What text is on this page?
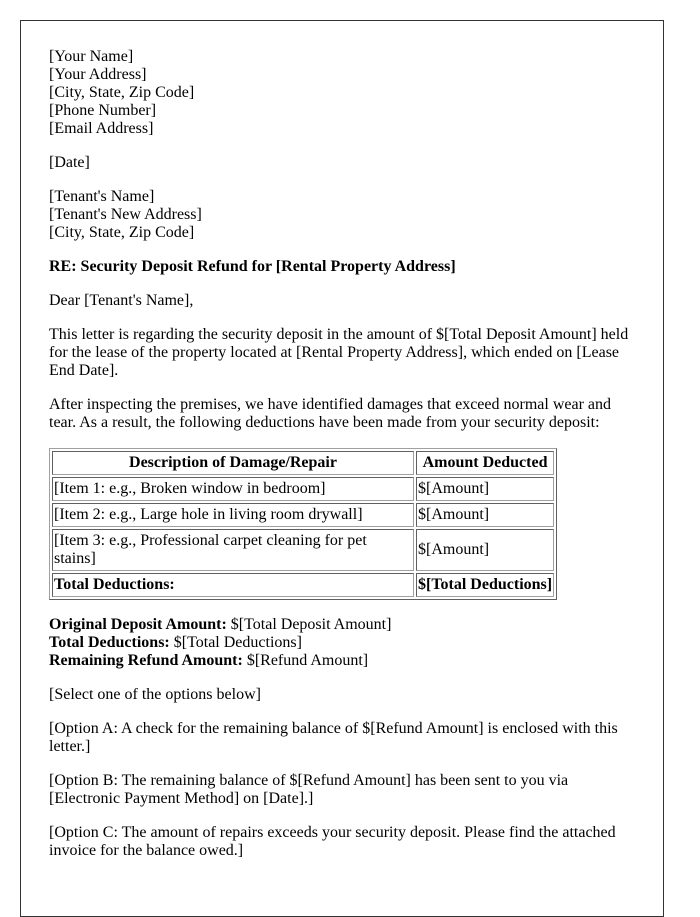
[Your Name]
[Your Address]
[City, State, Zip Code]
[Phone Number]
[Email Address]

[Date]

[Tenant's Name]
[Tenant's New Address]
[City, State, Zip Code]

RE: Security Deposit Refund for [Rental Property Address]

Dear [Tenant's Name],

This letter is regarding the security deposit in the amount of $[Total Deposit Amount] held for the lease of the property located at [Rental Property Address], which ended on [Lease End Date].

After inspecting the premises, we have identified damages that exceed normal wear and tear. As a result, the following deductions have been made from your security deposit:

Description of Damage/Repair	Amount Deducted
[Item 1: e.g., Broken window in bedroom]	$[Amount]
[Item 2: e.g., Large hole in living room drywall]	$[Amount]
[Item 3: e.g., Professional carpet cleaning for pet stains]	$[Amount]
Total Deductions:	$[Total Deductions]
Original Deposit Amount: $[Total Deposit Amount]
Total Deductions: $[Total Deductions]
Remaining Refund Amount: $[Refund Amount]

[Select one of the options below]

[Option A: A check for the remaining balance of $[Refund Amount] is enclosed with this letter.]

[Option B: The remaining balance of $[Refund Amount] has been sent to you via [Electronic Payment Method] on [Date].]

[Option C: The amount of repairs exceeds your security deposit. Please find the attached invoice for the balance owed.]
